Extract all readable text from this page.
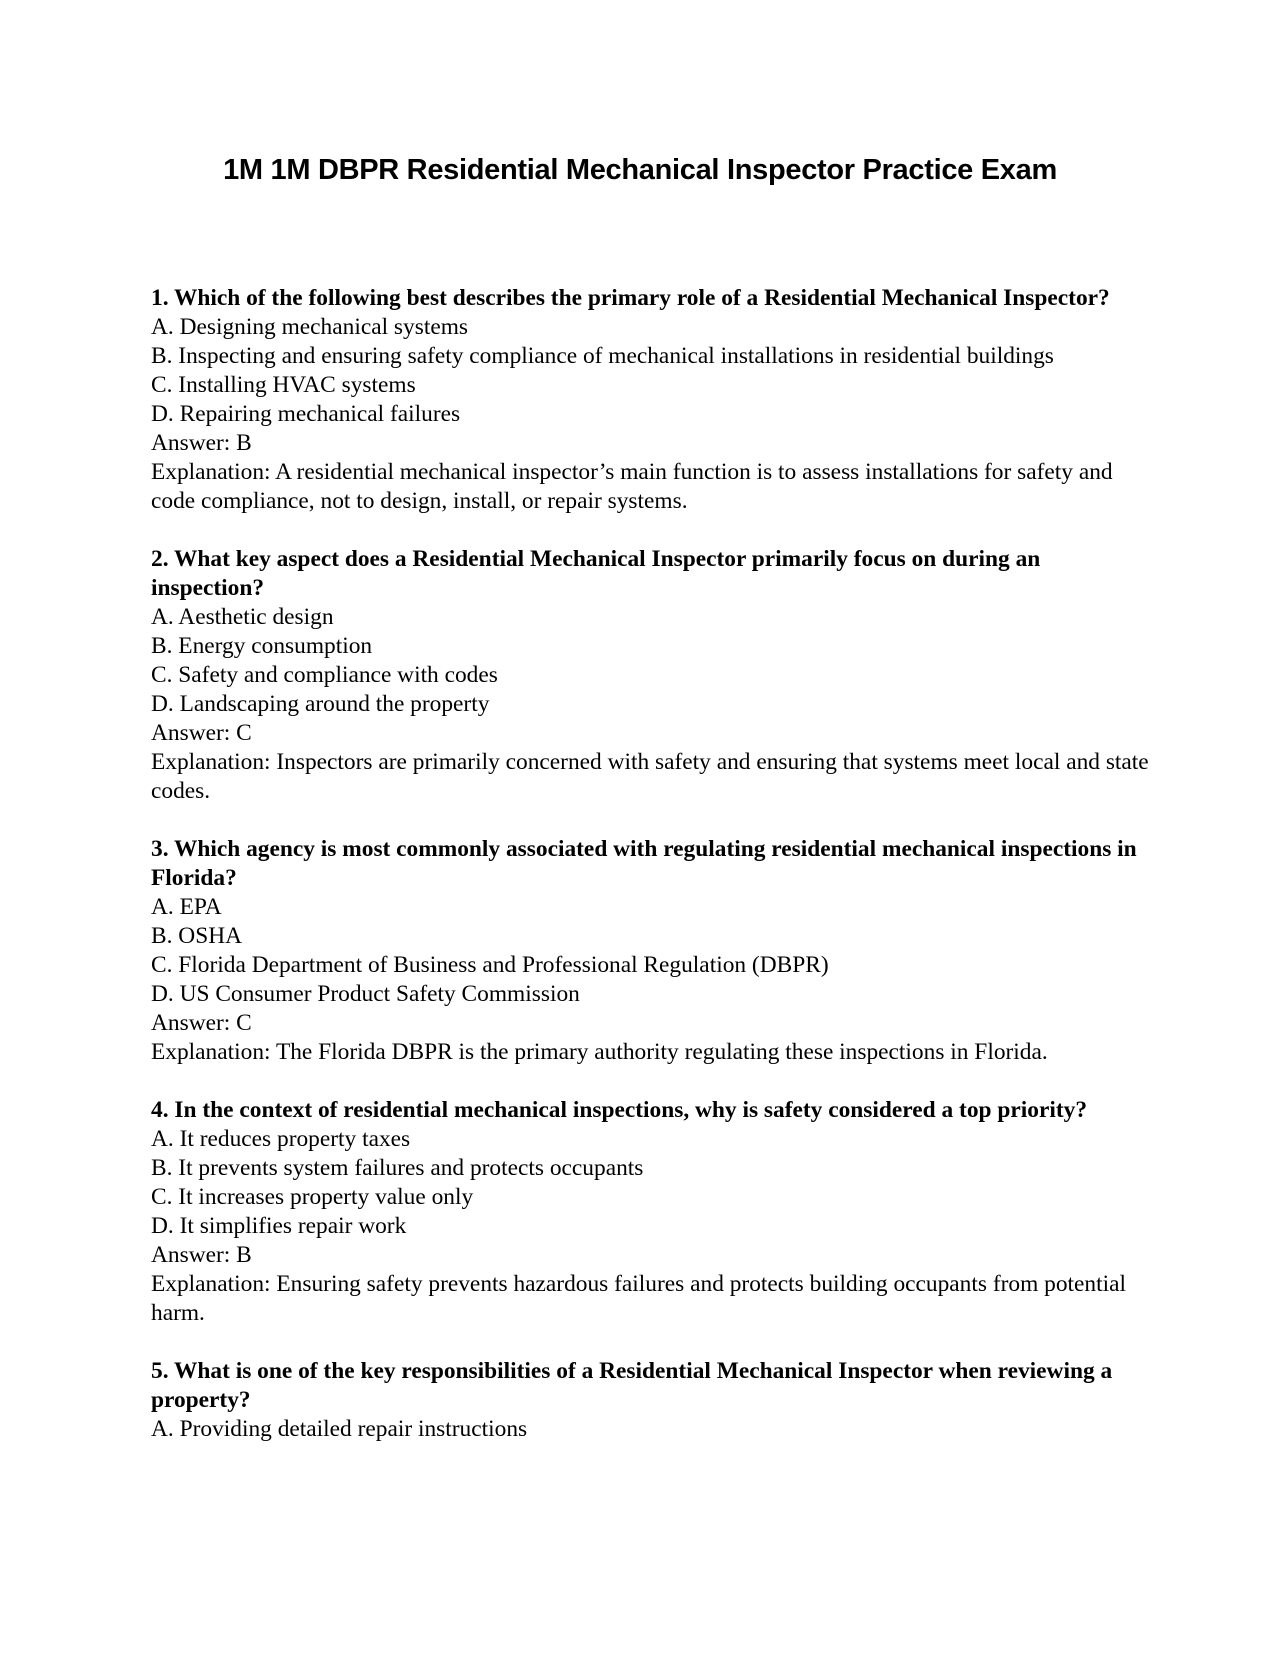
1M 1M DBPR Residential Mechanical Inspector Practice Exam

1. Which of the following best describes the primary role of a Residential Mechanical Inspector?

A. Designing mechanical systems

B. Inspecting and ensuring safety compliance of mechanical installations in residential buildings

C. Installing HVAC systems

D. Repairing mechanical failures

Answer: B

Explanation: A residential mechanical inspector’s main function is to assess installations for safety and code compliance, not to design, install, or repair systems.

2. What key aspect does a Residential Mechanical Inspector primarily focus on during an inspection?

A. Aesthetic design

B. Energy consumption

C. Safety and compliance with codes

D. Landscaping around the property

Answer: C

Explanation: Inspectors are primarily concerned with safety and ensuring that systems meet local and state codes.

3. Which agency is most commonly associated with regulating residential mechanical inspections in Florida?

A. EPA

B. OSHA

C. Florida Department of Business and Professional Regulation (DBPR)

D. US Consumer Product Safety Commission

Answer: C

Explanation: The Florida DBPR is the primary authority regulating these inspections in Florida.

4. In the context of residential mechanical inspections, why is safety considered a top priority?

A. It reduces property taxes

B. It prevents system failures and protects occupants

C. It increases property value only

D. It simplifies repair work

Answer: B

Explanation: Ensuring safety prevents hazardous failures and protects building occupants from potential harm.

5. What is one of the key responsibilities of a Residential Mechanical Inspector when reviewing a property?

A. Providing detailed repair instructions
